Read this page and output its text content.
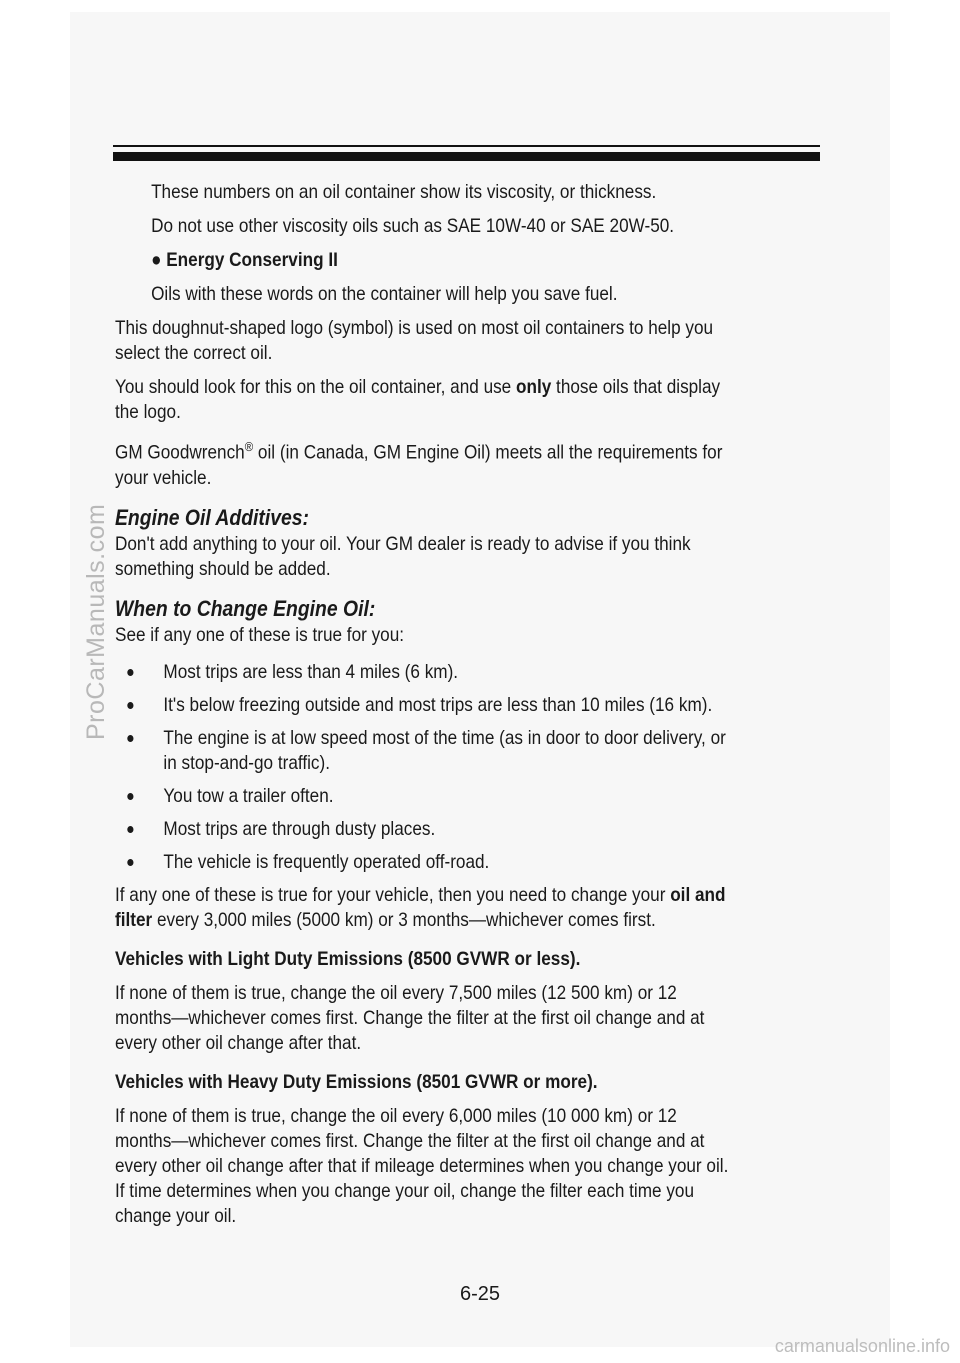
These numbers on an oil container show its viscosity, or thickness.

Do not use other viscosity oils such as SAE 10W-40 or SAE 20W-50.

● Energy Conserving II

Oils with these words on the container will help you save fuel.

This doughnut-shaped logo (symbol) is used on most oil containers to help you select the correct oil.

You should look for this on the oil container, and use only those oils that display the logo.

GM Goodwrench® oil (in Canada, GM Engine Oil) meets all the requirements for your vehicle.

Engine Oil Additives:

Don't add anything to your oil. Your GM dealer is ready to advise if you think something should be added.

When to Change Engine Oil:

See if any one of these is true for you:

Most trips are less than 4 miles (6 km).
It's below freezing outside and most trips are less than 10 miles (16 km).
The engine is at low speed most of the time (as in door to door delivery, or in stop-and-go traffic).
You tow a trailer often.
Most trips are through dusty places.
The vehicle is frequently operated off-road.

If any one of these is true for your vehicle, then you need to change your oil and filter every 3,000 miles (5000 km) or 3 months—whichever comes first.

Vehicles with Light Duty Emissions (8500 GVWR or less).

If none of them is true, change the oil every 7,500 miles (12 500 km) or 12 months—whichever comes first. Change the filter at the first oil change and at every other oil change after that.

Vehicles with Heavy Duty Emissions (8501 GVWR or more).

If none of them is true, change the oil every 6,000 miles (10 000 km) or 12 months—whichever comes first. Change the filter at the first oil change and at every other oil change after that if mileage determines when you change your oil. If time determines when you change your oil, change the filter each time you change your oil.

6-25
ProCarManuals.com
carmanualsonline.info
